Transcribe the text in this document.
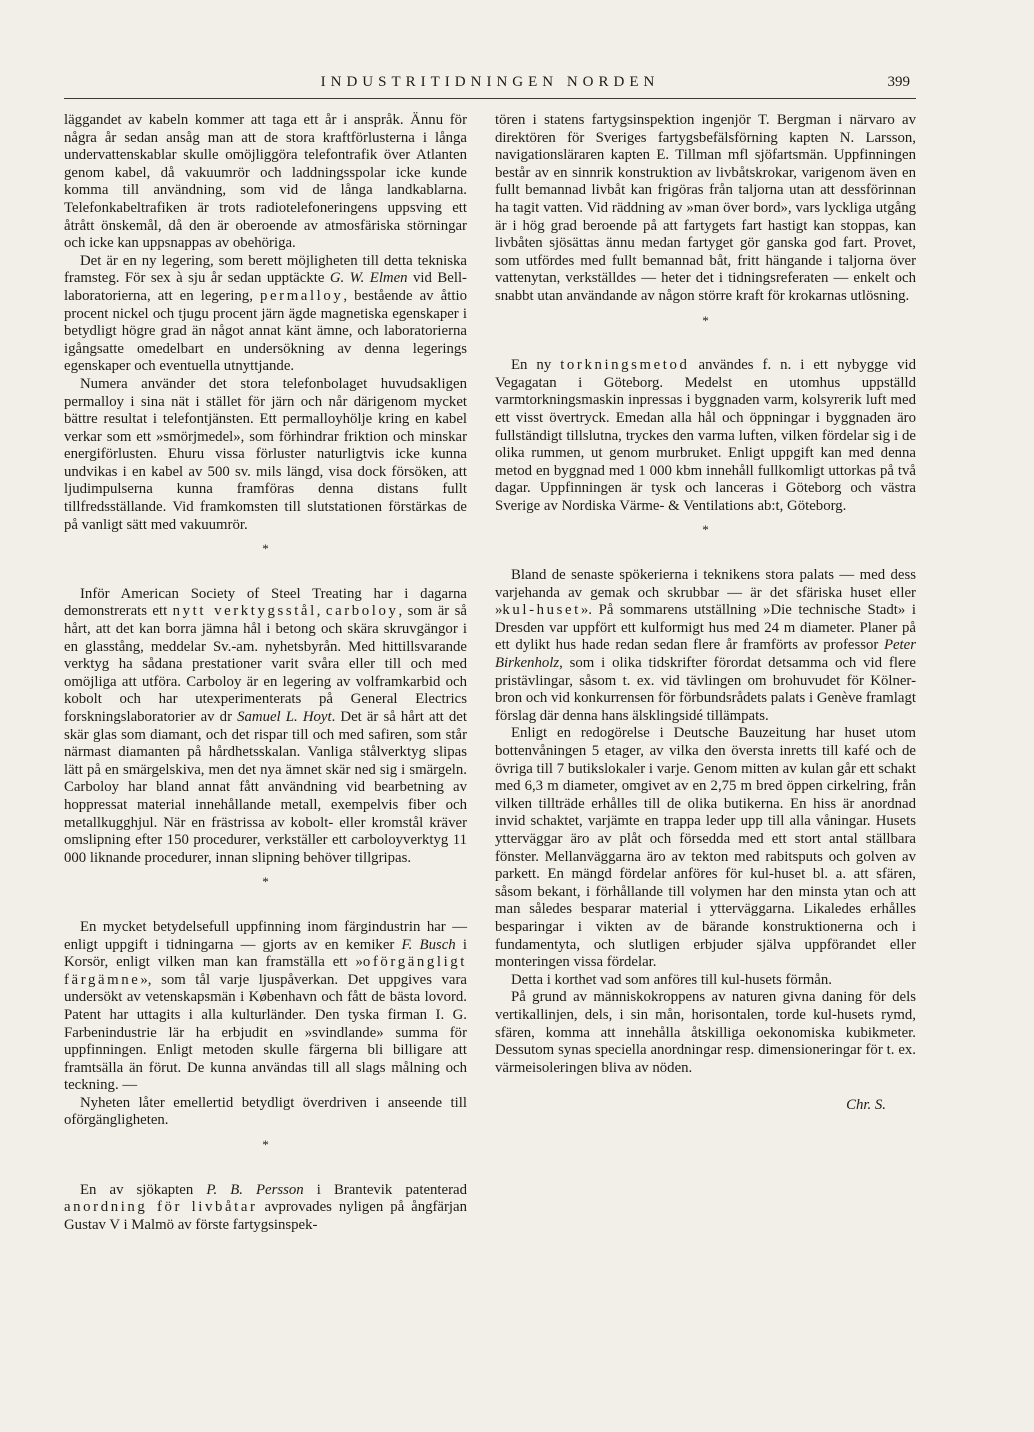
INDUSTRITIDNINGEN NORDEN	399

läggandet av kabeln kommer att taga ett år i anspråk. Ännu för några år sedan ansåg man att de stora kraftförlusterna i långa undervattenskablar skulle omöjliggöra telefontrafik över Atlanten genom kabel, då vakuumrör och laddningsspolar icke kunde komma till användning, som vid de långa landkablarna. Telefonkabeltrafiken är trots radiotelefoneringens uppsving ett åtrått önskemål, då den är oberoende av atmosfäriska störningar och icke kan uppsnappas av obehöriga.

Det är en ny legering, som berett möjligheten till detta tekniska framsteg. För sex à sju år sedan upptäckte G. W. Elmen vid Bell-laboratorierna, att en legering, permalloy, bestående av åttio procent nickel och tjugu procent järn ägde magnetiska egenskaper i betydligt högre grad än något annat känt ämne, och laboratorierna igångsatte omedelbart en undersökning av denna legerings egenskaper och eventuella utnyttjande.

Numera använder det stora telefonbolaget huvudsakligen permalloy i sina nät i stället för järn och når därigenom mycket bättre resultat i telefontjänsten. Ett permalloyhölje kring en kabel verkar som ett »smörjmedel», som förhindrar friktion och minskar energiförlusten. Ehuru vissa förluster naturligtvis icke kunna undvikas i en kabel av 500 sv. mils längd, visa dock försöken, att ljudimpulserna kunna framföras denna distans fullt tillfredsställande. Vid framkomsten till slutstationen förstärkas de på vanligt sätt med vakuumrör.

*

Inför American Society of Steel Treating har i dagarna demonstrerats ett nytt verktygsstål, carboloy, som är så hårt, att det kan borra jämna hål i betong och skära skruvgängor i en glasstång, meddelar Sv.-am. nyhetsbyrån. Med hittillsvarande verktyg ha sådana prestationer varit svåra eller till och med omöjliga att utföra. Carboloy är en legering av volframkarbid och kobolt och har utexperimenterats på General Electrics forskningslaboratorier av dr Samuel L. Hoyt. Det är så hårt att det skär glas som diamant, och det rispar till och med safiren, som står närmast diamanten på hårdhetsskalan. Vanliga stålverktyg slipas lätt på en smärgelskiva, men det nya ämnet skär ned sig i smärgeln. Carboloy har bland annat fått användning vid bearbetning av hoppressat material innehållande metall, exempelvis fiber och metallkugghjul. När en frästrissa av kobolt- eller kromstål kräver omslipning efter 150 procedurer, verkställer ett carboloyverktyg 11 000 liknande procedurer, innan slipning behöver tillgripas.

*

En mycket betydelsefull uppfinning inom färgindustrin har — enligt uppgift i tidningarna — gjorts av en kemiker F. Busch i Korsör, enligt vilken man kan framställa ett »oförgängligt färgämne», som tål varje ljuspåverkan. Det uppgives vara undersökt av vetenskapsmän i København och fått de bästa lovord. Patent har uttagits i alla kulturländer. Den tyska firman I. G. Farbenindustrie lär ha erbjudit en »svindlande» summa för uppfinningen. Enligt metoden skulle färgerna bli billigare att framtsälla än förut. De kunna användas till all slags målning och teckning. —

Nyheten låter emellertid betydligt överdriven i anseende till oförgängligheten.

*

En av sjökapten P. B. Persson i Brantevik patenterad anordning för livbåtar avprovades nyligen på ångfärjan Gustav V i Malmö av förste fartygsinspek-

tören i statens fartygsinspektion ingenjör T. Bergman i närvaro av direktören för Sveriges fartygsbefälsförning kapten N. Larsson, navigationsläraren kapten E. Tillman mfl sjöfartsmän. Uppfinningen består av en sinnrik konstruktion av livbåtskrokar, varigenom även en fullt bemannad livbåt kan frigöras från taljorna utan att dessförinnan ha tagit vatten. Vid räddning av »man över bord», vars lyckliga utgång är i hög grad beroende på att fartygets fart hastigt kan stoppas, kan livbåten sjösättas ännu medan fartyget gör ganska god fart. Provet, som utfördes med fullt bemannad båt, fritt hängande i taljorna över vattenytan, verkställdes — heter det i tidningsreferaten — enkelt och snabbt utan användande av någon större kraft för krokarnas utlösning.

*

En ny torkningsmetod användes f. n. i ett nybygge vid Vegagatan i Göteborg. Medelst en utomhus uppställd varmtorkningsmaskin inpressas i byggnaden varm, kolsyrerik luft med ett visst övertryck. Emedan alla hål och öppningar i byggnaden äro fullständigt tillslutna, tryckes den varma luften, vilken fördelar sig i de olika rummen, ut genom murbruket. Enligt uppgift kan med denna metod en byggnad med 1 000 kbm innehåll fullkomligt uttorkas på två dagar. Uppfinningen är tysk och lanceras i Göteborg och västra Sverige av Nordiska Värme- & Ventilations ab:t, Göteborg.

*

Bland de senaste spökerierna i teknikens stora palats — med dess varjehanda av gemak och skrubbar — är det sfäriska huset eller »kul-huset». På sommarens utställning »Die technische Stadt» i Dresden var uppfört ett kulformigt hus med 24 m diameter. Planer på ett dylikt hus hade redan sedan flere år framförts av professor Peter Birkenholz, som i olika tidskrifter förordat detsamma och vid flere pristävlingar, såsom t. ex. vid tävlingen om brohuvudet för Kölner-bron och vid konkurrensen för förbundsrådets palats i Genève framlagt förslag där denna hans älsklingsidé tillämpats.

Enligt en redogörelse i Deutsche Bauzeitung har huset utom bottenvåningen 5 etager, av vilka den översta inretts till kafé och de övriga till 7 butikslokaler i varje. Genom mitten av kulan går ett schakt med 6,3 m diameter, omgivet av en 2,75 m bred öppen cirkelring, från vilken tillträde erhålles till de olika butikerna. En hiss är anordnad invid schaktet, varjämte en trappa leder upp till alla våningar. Husets ytterväggar äro av plåt och försedda med ett stort antal ställbara fönster. Mellanväggarna äro av tekton med rabitsputs och golven av parkett. En mängd fördelar anföres för kul-huset bl. a. att sfären, såsom bekant, i förhållande till volymen har den minsta ytan och att man således besparar material i ytterväggarna. Likaledes erhålles besparingar i vikten av de bärande konstruktionerna och i fundamentyta, och slutligen erbjuder själva uppförandet eller monteringen vissa fördelar.

Detta i korthet vad som anföres till kul-husets förmån.

På grund av människokroppens av naturen givna daning för dels vertikallinjen, dels, i sin mån, horisontalen, torde kul-husets rymd, sfären, komma att innehålla åtskilliga oekonomiska kubikmeter. Dessutom synas speciella anordningar resp. dimensioneringar för t. ex. värmeisoleringen bliva av nöden.

Chr. S.
